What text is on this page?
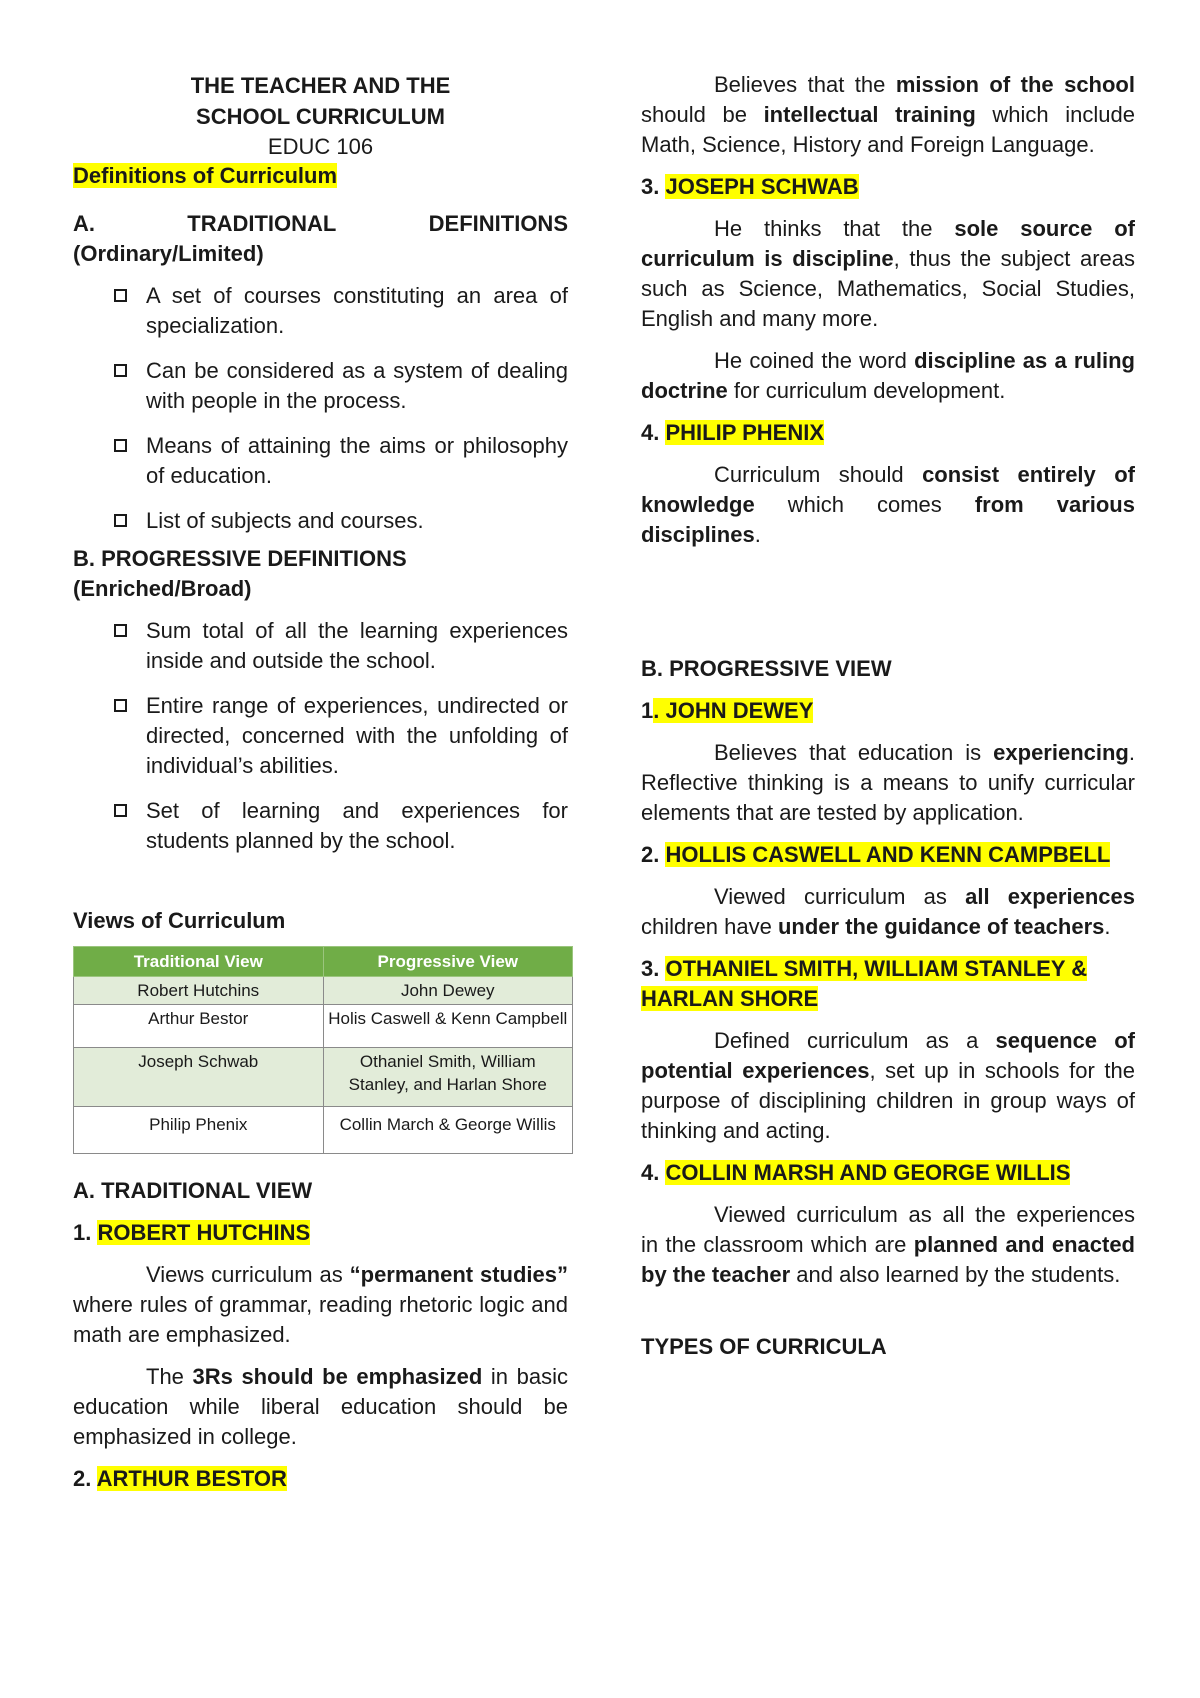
THE TEACHER AND THE

SCHOOL CURRICULUM

EDUC 106

Definitions of Curriculum

A.	TRADITIONAL	DEFINITIONS

(Ordinary/Limited)

A set of courses constituting an area of specialization.
Can be considered as a system of dealing with people in the process.
Means of attaining the aims or philosophy of education.
List of subjects and courses.

B. PROGRESSIVE DEFINITIONS

(Enriched/Broad)

Sum total of all the learning experiences inside and outside the school.
Entire range of experiences, undirected or directed, concerned with the unfolding of individual’s abilities.
Set of learning and experiences for students planned by the school.

Views of Curriculum

Traditional View	Progressive View
Robert Hutchins	John Dewey
Arthur Bestor	Holis Caswell & Kenn Campbell
Joseph Schwab	Othaniel Smith, William Stanley, and Harlan Shore
Philip Phenix	Collin March & George Willis

A. TRADITIONAL VIEW

1. ROBERT HUTCHINS

Views curriculum as “permanent studies” where rules of grammar, reading rhetoric logic and math are emphasized.

The 3Rs should be emphasized in basic education while liberal education should be emphasized in college.

2. ARTHUR BESTOR

Believes that the mission of the school should be intellectual training which include Math, Science, History and Foreign Language.

3. JOSEPH SCHWAB

He thinks that the sole source of curriculum is discipline, thus the subject areas such as Science, Mathematics, Social Studies, English and many more.

He coined the word discipline as a ruling doctrine for curriculum development.

4. PHILIP PHENIX

Curriculum should consist entirely of knowledge which comes from various disciplines.

B. PROGRESSIVE VIEW

1. JOHN DEWEY

Believes that education is experiencing. Reflective thinking is a means to unify curricular elements that are tested by application.

2. HOLLIS CASWELL AND KENN CAMPBELL

Viewed curriculum as all experiences children have under the guidance of teachers.

3. OTHANIEL SMITH, WILLIAM STANLEY & HARLAN SHORE

Defined curriculum as a sequence of potential experiences, set up in schools for the purpose of disciplining children in group ways of thinking and acting.

4. COLLIN MARSH AND GEORGE WILLIS

Viewed curriculum as all the experiences in the classroom which are planned and enacted by the teacher and also learned by the students.

TYPES OF CURRICULA
